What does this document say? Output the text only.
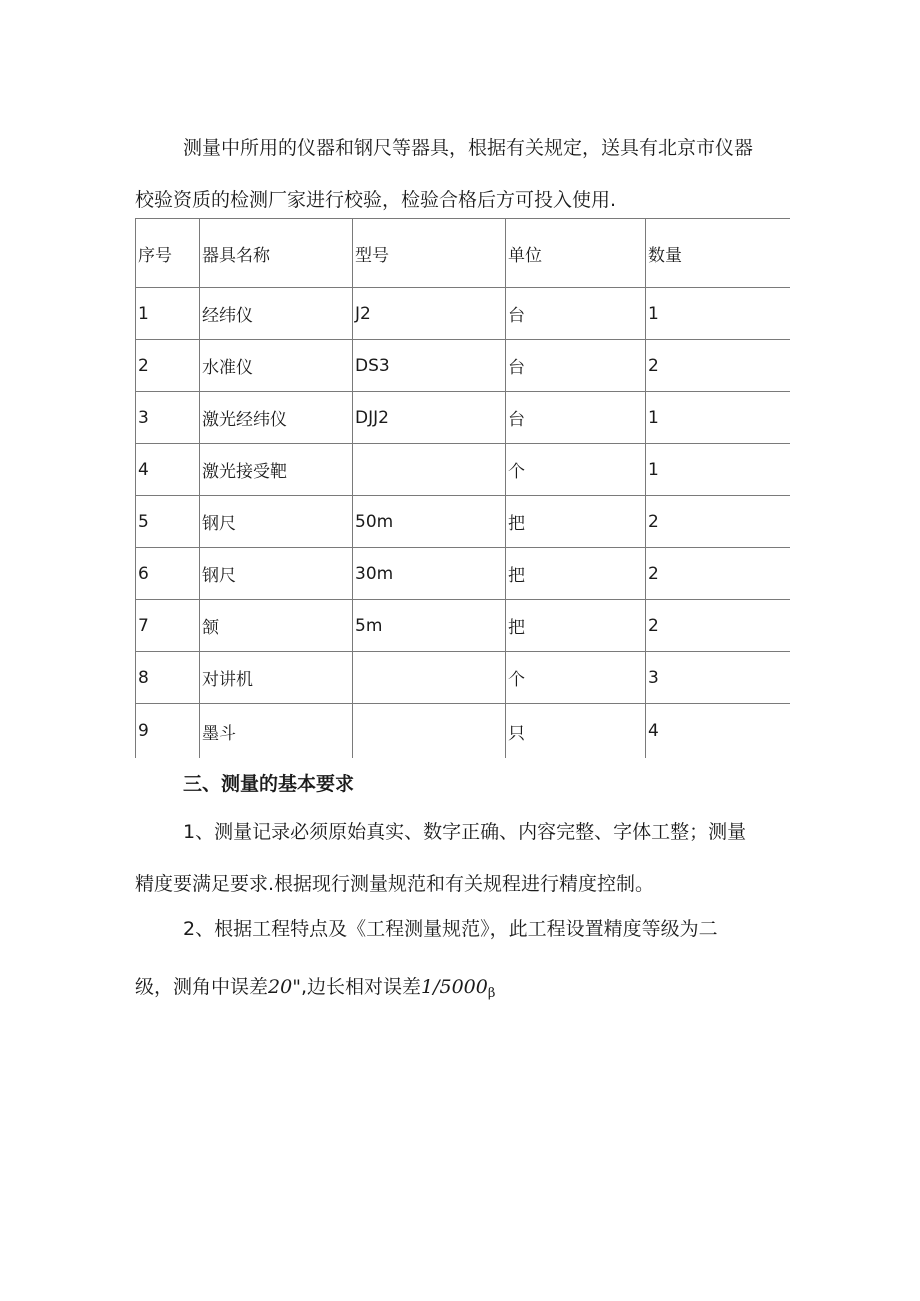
测量中所用的仪器和钢尺等器具，根据有关规定，送具有北京市仪器
校验资质的检测厂家进行校验，检验合格后方可投入使用.
序号	器具名称	型号	单位	数量
1	经纬仪	J2	台	1
2	水准仪	DS3	台	2
3	激光经纬仪	DJJ2	台	1
4	激光接受靶		个	1
5	钢尺	50m	把	2
6	钢尺	30m	把	2
7	颔	5m	把	2
8	对讲机		个	3
9	墨斗		只	4

三、测量的基本要求

1、测量记录必须原始真实、数字正确、内容完整、字体工整；测量
精度要满足要求.根据现行测量规范和有关规程进行精度控制。
2、根据工程特点及《工程测量规范》，此工程设置精度等级为二
级，测角中误差20",边长相对误差$1/5000_\beta$
